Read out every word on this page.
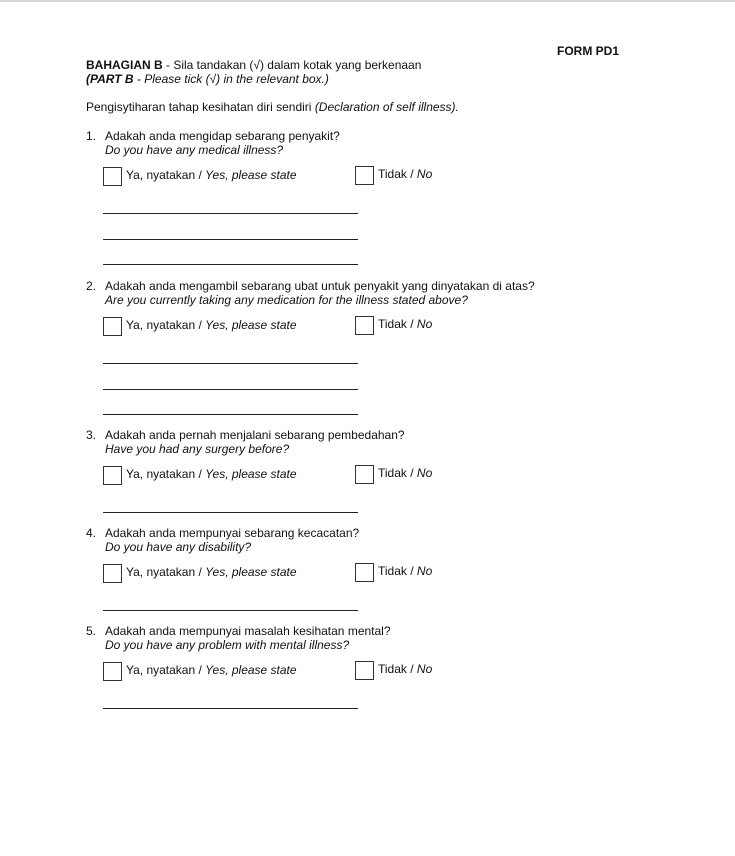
FORM PD1
BAHAGIAN B - Sila tandakan (√) dalam kotak yang berkenaan
(PART B - Please tick (√) in the relevant box.)
Pengisytiharan tahap kesihatan diri sendiri (Declaration of self illness).
1. Adakah anda mengidap sebarang penyakit?
Do you have any medical illness?
Ya, nyatakan / Yes, please state	Tidak / No
2. Adakah anda mengambil sebarang ubat untuk penyakit yang dinyatakan di atas?
Are you currently taking any medication for the illness stated above?
Ya, nyatakan / Yes, please state	Tidak / No
3. Adakah anda pernah menjalani sebarang pembedahan?
Have you had any surgery before?
Ya, nyatakan / Yes, please state	Tidak / No
4. Adakah anda mempunyai sebarang kecacatan?
Do you have any disability?
Ya, nyatakan / Yes, please state	Tidak / No
5. Adakah anda mempunyai masalah kesihatan mental?
Do you have any problem with mental illness?
Ya, nyatakan / Yes, please state	Tidak / No
